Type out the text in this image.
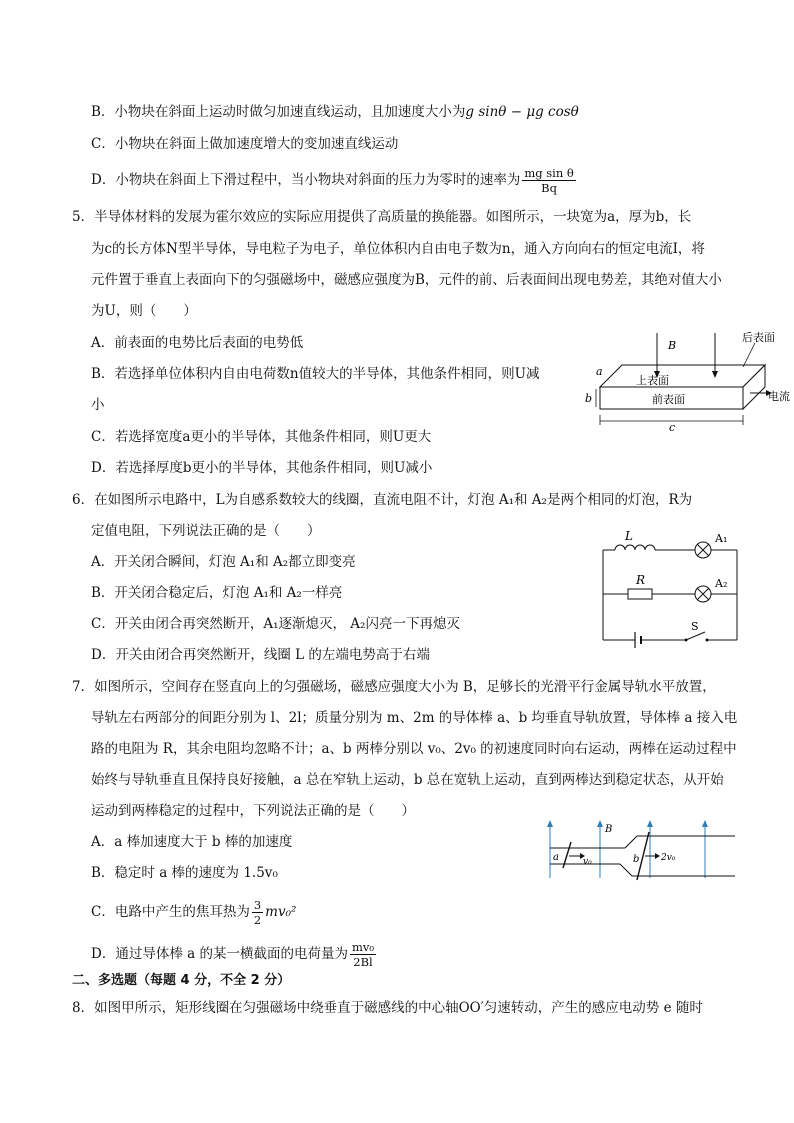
B．小物块在斜面上运动时做匀加速直线运动，且加速度大小为g sinθ − μg cosθ
C．小物块在斜面上做加速度增大的变加速直线运动
D．小物块在斜面上下滑过程中，当小物块对斜面的压力为零时的速率为 $\frac{\text{mg sin θ}}{Bq}$
5．半导体材料的发展为霍尔效应的实际应用提供了高质量的换能器。如图所示，一块宽为a，厚为b，长
为c的长方体N型半导体，导电粒子为电子，单位体积内自由电子数为n，通入方向向右的恒定电流I，将
元件置于垂直上表面向下的匀强磁场中，磁感应强度为B，元件的前、后表面间出现电势差，其绝对值大小
为U，则（　　）
A．前表面的电势比后表面的电势低
B．若选择单位体积内自由电荷数n值较大的半导体，其他条件相同，则U减
小
C．若选择宽度a更小的半导体，其他条件相同，则U更大
D．若选择厚度b更小的半导体，其他条件相同，则U减小
B
后表面
上表面
前表面	电流
a
b
c
6．在如图所示电路中，L为自感系数较大的线圈，直流电阻不计，灯泡 A₁和 A₂是两个相同的灯泡，R为
定值电阻，下列说法正确的是（　　）
A．开关闭合瞬间，灯泡 A₁和 A₂都立即变亮
B．开关闭合稳定后，灯泡 A₁和 A₂一样亮
C．开关由闭合再突然断开，A₁逐渐熄灭， A₂闪亮一下再熄灭
D．开关由闭合再突然断开，线圈 L 的左端电势高于右端
L	A₁
R	A₂
S
7．如图所示，空间存在竖直向上的匀强磁场，磁感应强度大小为 B，足够长的光滑平行金属导轨水平放置，
导轨左右两部分的间距分别为 l、2l；质量分别为 m、2m 的导体棒 a、b 均垂直导轨放置，导体棒 a 接入电
路的电阻为 R，其余电阻均忽略不计；a、b 两棒分别以 v₀、2v₀ 的初速度同时向右运动，两棒在运动过程中
始终与导轨垂直且保持良好接触，a 总在窄轨上运动，b 总在宽轨上运动，直到两棒达到稳定状态，从开始
运动到两棒稳定的过程中，下列说法正确的是（　　）
A．a 棒加速度大于 b 棒的加速度
B．稳定时 a 棒的速度为 1.5v₀
C．电路中产生的焦耳热为 $\frac{3}{2} mv_0^2$
D．通过导体棒 a 的某一横截面的电荷量为 $\frac{\text{mv₀}}{2Bl}$
B
a	v₀	b 2v₀
二、多选题（每题 4 分，不全 2 分）
8．如图甲所示，矩形线圈在匀强磁场中绕垂直于磁感线的中心轴OO′匀速转动，产生的感应电动势 e 随时
